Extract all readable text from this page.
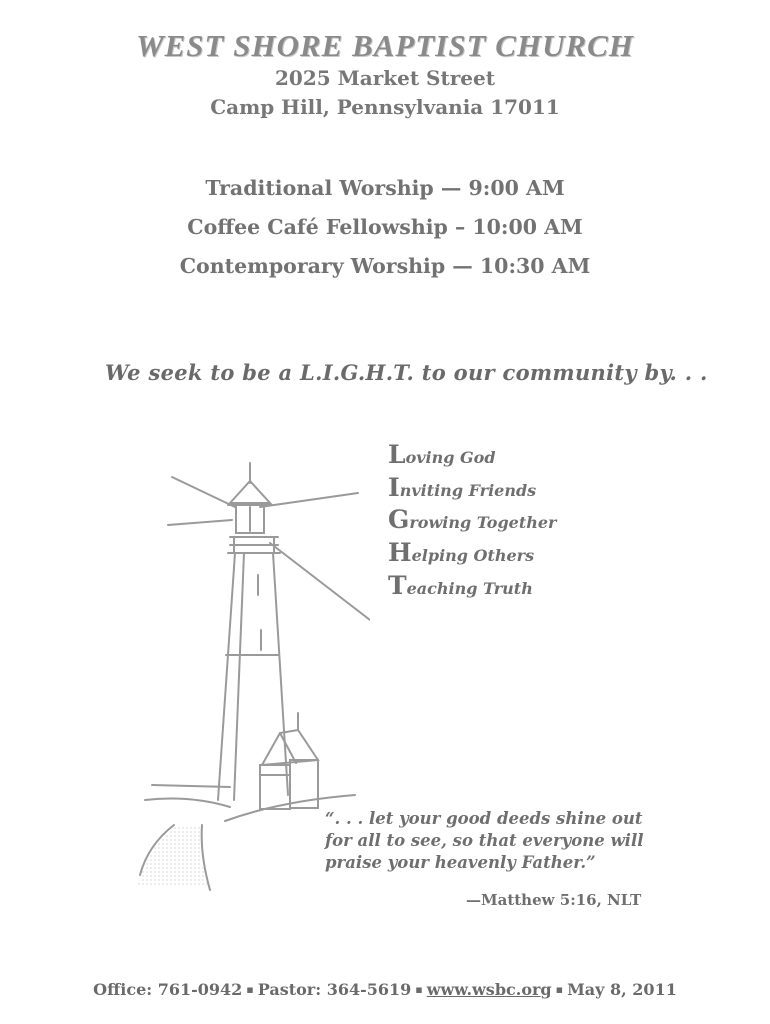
WEST SHORE BAPTIST CHURCH
2025 Market Street
Camp Hill, Pennsylvania 17011
Traditional Worship — 9:00 AM
Coffee Café Fellowship – 10:00 AM
Contemporary Worship — 10:30 AM
We seek to be a L.I.G.H.T. to our community by. . .
Loving God
Inviting Friends
Growing Together
Helping Others
Teaching Truth
“. . . let your good deeds shine out
for all to see, so that everyone will
praise your heavenly Father.”
—Matthew 5:16, NLT
Office: 761-0942 ▪ Pastor: 364-5619 ▪ www.wsbc.org ▪ May 8, 2011
